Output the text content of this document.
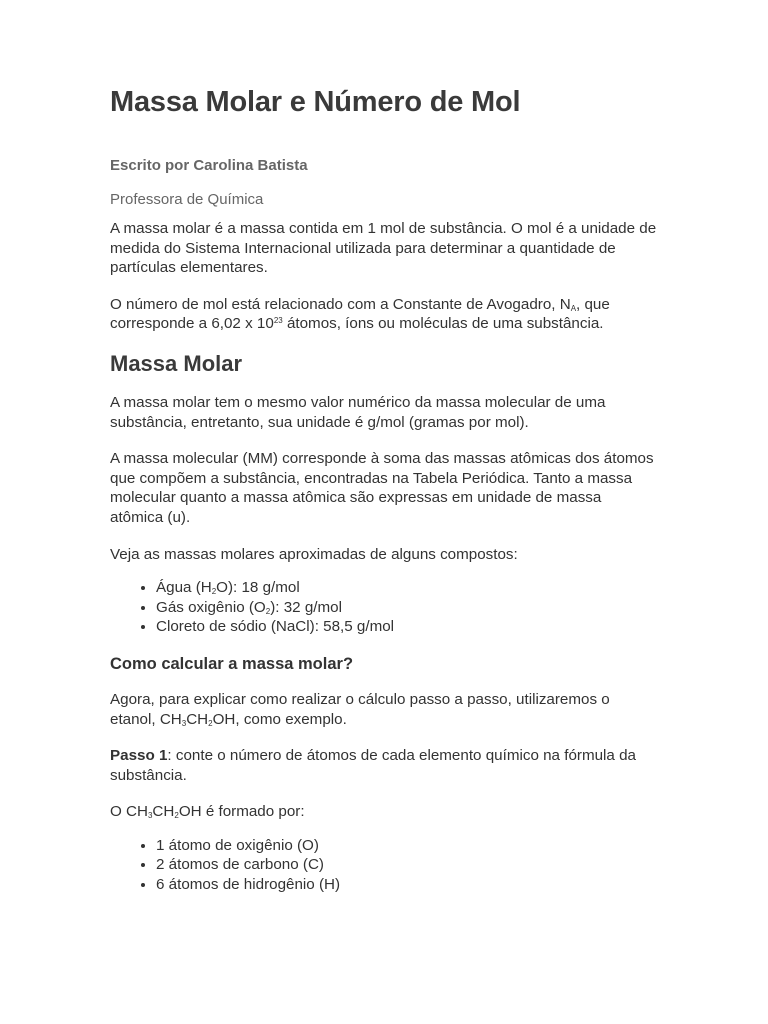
Massa Molar e Número de Mol

Escrito por Carolina Batista

Professora de Química

A massa molar é a massa contida em 1 mol de substância. O mol é a unidade de medida do Sistema Internacional utilizada para determinar a quantidade de partículas elementares.

O número de mol está relacionado com a Constante de Avogadro, $N_A$, que corresponde a 6,02 x $10^{23}$ átomos, íons ou moléculas de uma substância.

Massa Molar

A massa molar tem o mesmo valor numérico da massa molecular de uma substância, entretanto, sua unidade é g/mol (gramas por mol).

A massa molecular (MM) corresponde à soma das massas atômicas dos átomos que compõem a substância, encontradas na Tabela Periódica. Tanto a massa molecular quanto a massa atômica são expressas em unidade de massa atômica (u).

Veja as massas molares aproximadas de alguns compostos:

• Água $(H_2O)$: 18 g/mol
• Gás oxigênio $(O_2)$: 32 g/mol
• Cloreto de sódio (NaCl): 58,5 g/mol
Como calcular a massa molar?

Agora, para explicar como realizar o cálculo passo a passo, utilizaremos o etanol, $CH_3CH_2OH$, como exemplo.

Passo 1: conte o número de átomos de cada elemento químico na fórmula da substância.

O $CH_3CH_2OH$ é formado por:

• 1 átomo de oxigênio (O)
• 2 átomos de carbono (C)
• 6 átomos de hidrogênio (H)
